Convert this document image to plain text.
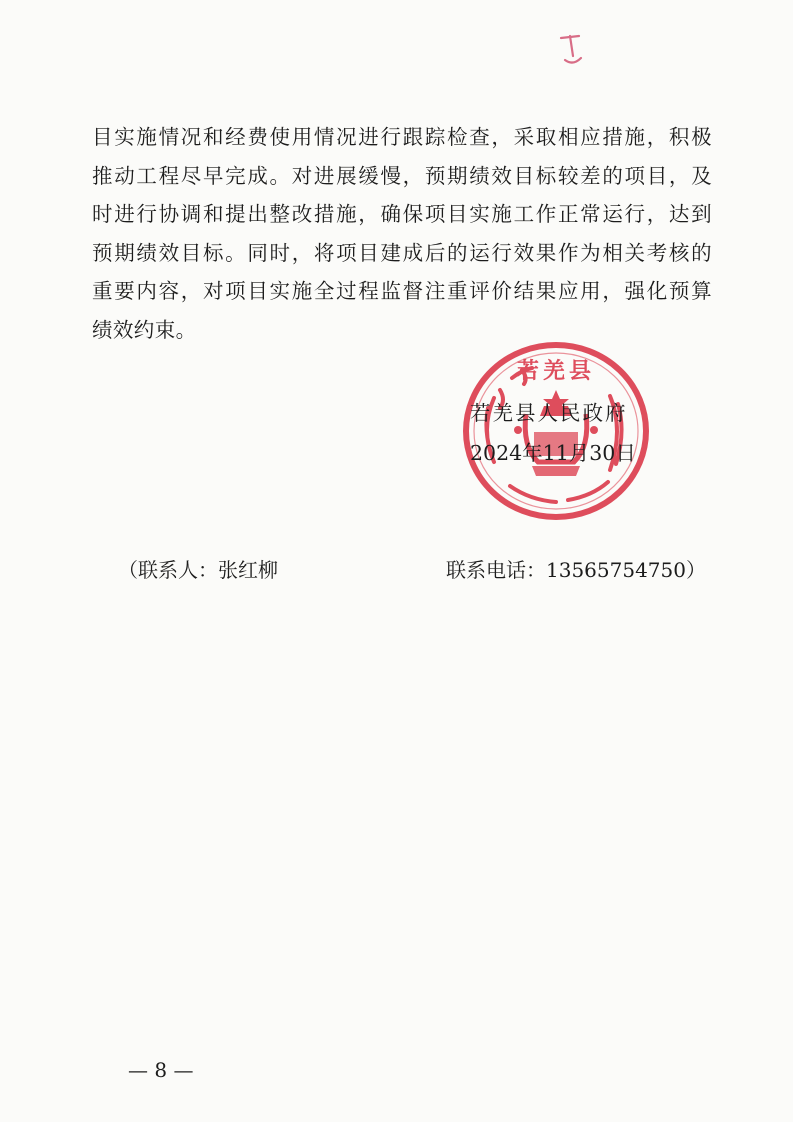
目实施情况和经费使用情况进行跟踪检查，采取相应措施，积极
推动工程尽早完成。对进展缓慢，预期绩效目标较差的项目，及
时进行协调和提出整改措施，确保项目实施工作正常运行，达到
预期绩效目标。同时，将项目建成后的运行效果作为相关考核的
重要内容，对项目实施全过程监督注重评价结果应用，强化预算
绩效约束。
若羌县
若羌县人民政府
2024年11月30日
（联系人：张红柳	联系电话：13565754750）
— 8 —
